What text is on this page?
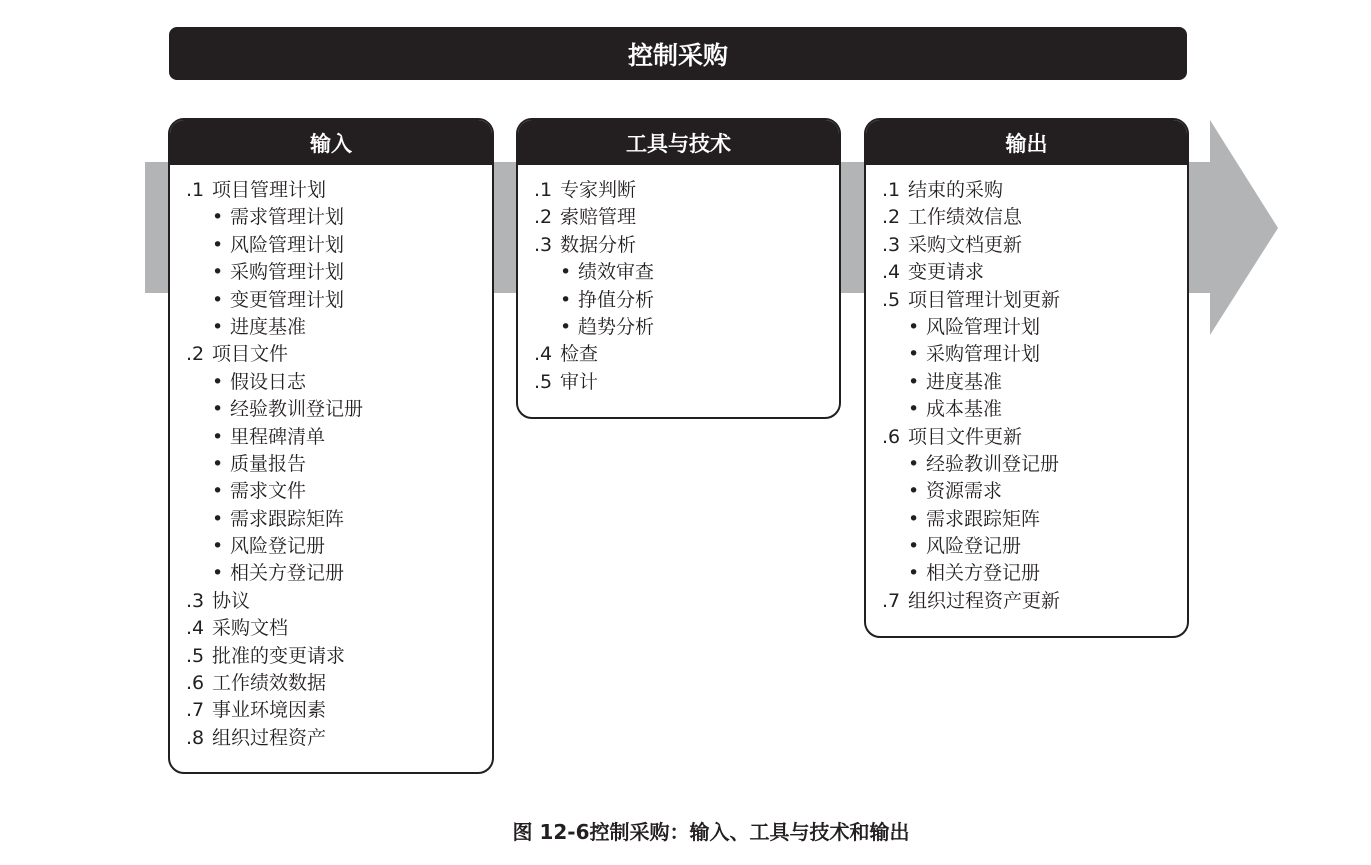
控制采购
输入
.1 项目管理计划
• 需求管理计划
• 风险管理计划
• 采购管理计划
• 变更管理计划
• 进度基准
.2 项目文件
• 假设日志
• 经验教训登记册
• 里程碑清单
• 质量报告
• 需求文件
• 需求跟踪矩阵
• 风险登记册
• 相关方登记册
.3 协议
.4 采购文档
.5 批准的变更请求
.6 工作绩效数据
.7 事业环境因素
.8 组织过程资产
工具与技术
.1 专家判断
.2 索赔管理
.3 数据分析
• 绩效审查
• 挣值分析
• 趋势分析
.4 检查
.5 审计
输出
.1 结束的采购
.2 工作绩效信息
.3 采购文档更新
.4 变更请求
.5 项目管理计划更新
• 风险管理计划
• 采购管理计划
• 进度基准
• 成本基准
.6 项目文件更新
• 经验教训登记册
• 资源需求
• 需求跟踪矩阵
• 风险登记册
• 相关方登记册
.7 组织过程资产更新
图 12-6控制采购：输入、工具与技术和输出
